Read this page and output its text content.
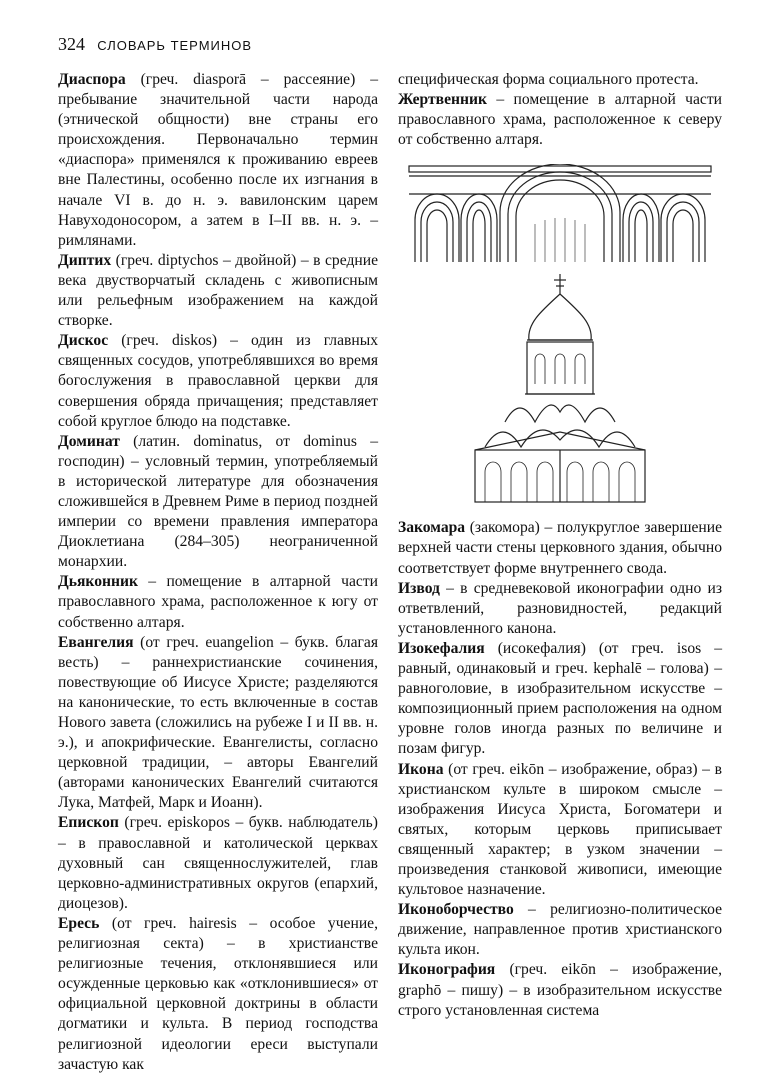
324 СЛОВАРЬ ТЕРМИНОВ

Диаспора (греч. diasporā – рассеяние) – пребывание значительной части народа (этнической общности) вне страны его происхождения. Первоначально термин «диаспора» применялся к проживанию евреев вне Палестины, особенно после их изгнания в начале VI в. до н. э. вавилонским царем Навуходоносором, а затем в I–II вв. н. э. – римлянами.

Диптих (греч. diptychos – двойной) – в средние века двустворчатый складень с живописным или рельефным изображением на каждой створке.

Дискос (греч. diskos) – один из главных священных сосудов, употреблявшихся во время богослужения в православной церкви для совершения обряда причащения; представляет собой круглое блюдо на подставке.

Доминат (латин. dominatus, от dominus – господин) – условный термин, употребляемый в исторической литературе для обозначения сложившейся в Древнем Риме в период поздней империи со времени правления императора Диоклетиана (284–305) неограниченной монархии.

Дьяконник – помещение в алтарной части православного храма, расположенное к югу от собственно алтаря.

Евангелия (от греч. euangelion – букв. благая весть) – раннехристианские сочинения, повествующие об Иисусе Христе; разделяются на канонические, то есть включенные в состав Нового завета (сложились на рубеже I и II вв. н. э.), и апокрифические. Евангелисты, согласно церковной традиции, – авторы Евангелий (авторами канонических Евангелий считаются Лука, Матфей, Марк и Иоанн).

Епископ (греч. episkopos – букв. наблюдатель) – в православной и католической церквах духовный сан священнослужителей, глав церковно-административных округов (епархий, диоцезов).

Ересь (от греч. hairesis – особое учение, религиозная секта) – в христианстве религиозные течения, отклонявшиеся или осужденные церковью как «отклонившиеся» от официальной церковной доктрины в области догматики и культа. В период господства религиозной идеологии ереси выступали зачастую как

специфическая форма социального протеста.

Жертвенник – помещение в алтарной части православного храма, расположенное к северу от собственно алтаря.

Закомара (закомора) – полукруглое завершение верхней части стены церковного здания, обычно соответствует форме внутреннего свода.

Извод – в средневековой иконографии одно из ответвлений, разновидностей, редакций установленного канона.

Изокефалия (исокефалия) (от греч. isos – равный, одинаковый и греч. kephalē – голова) – равноголовие, в изобразительном искусстве – композиционный прием расположения на одном уровне голов иногда разных по величине и позам фигур.

Икона (от греч. eikōn – изображение, образ) – в христианском культе в широком смысле – изображения Иисуса Христа, Богоматери и святых, которым церковь приписывает священный характер; в узком значении – произведения станковой живописи, имеющие культовое назначение.

Иконоборчество – религиозно-политическое движение, направленное против христианского культа икон.

Иконография (греч. eikōn – изображение, graphō – пишу) – в изобразительном искусстве строго установленная система
